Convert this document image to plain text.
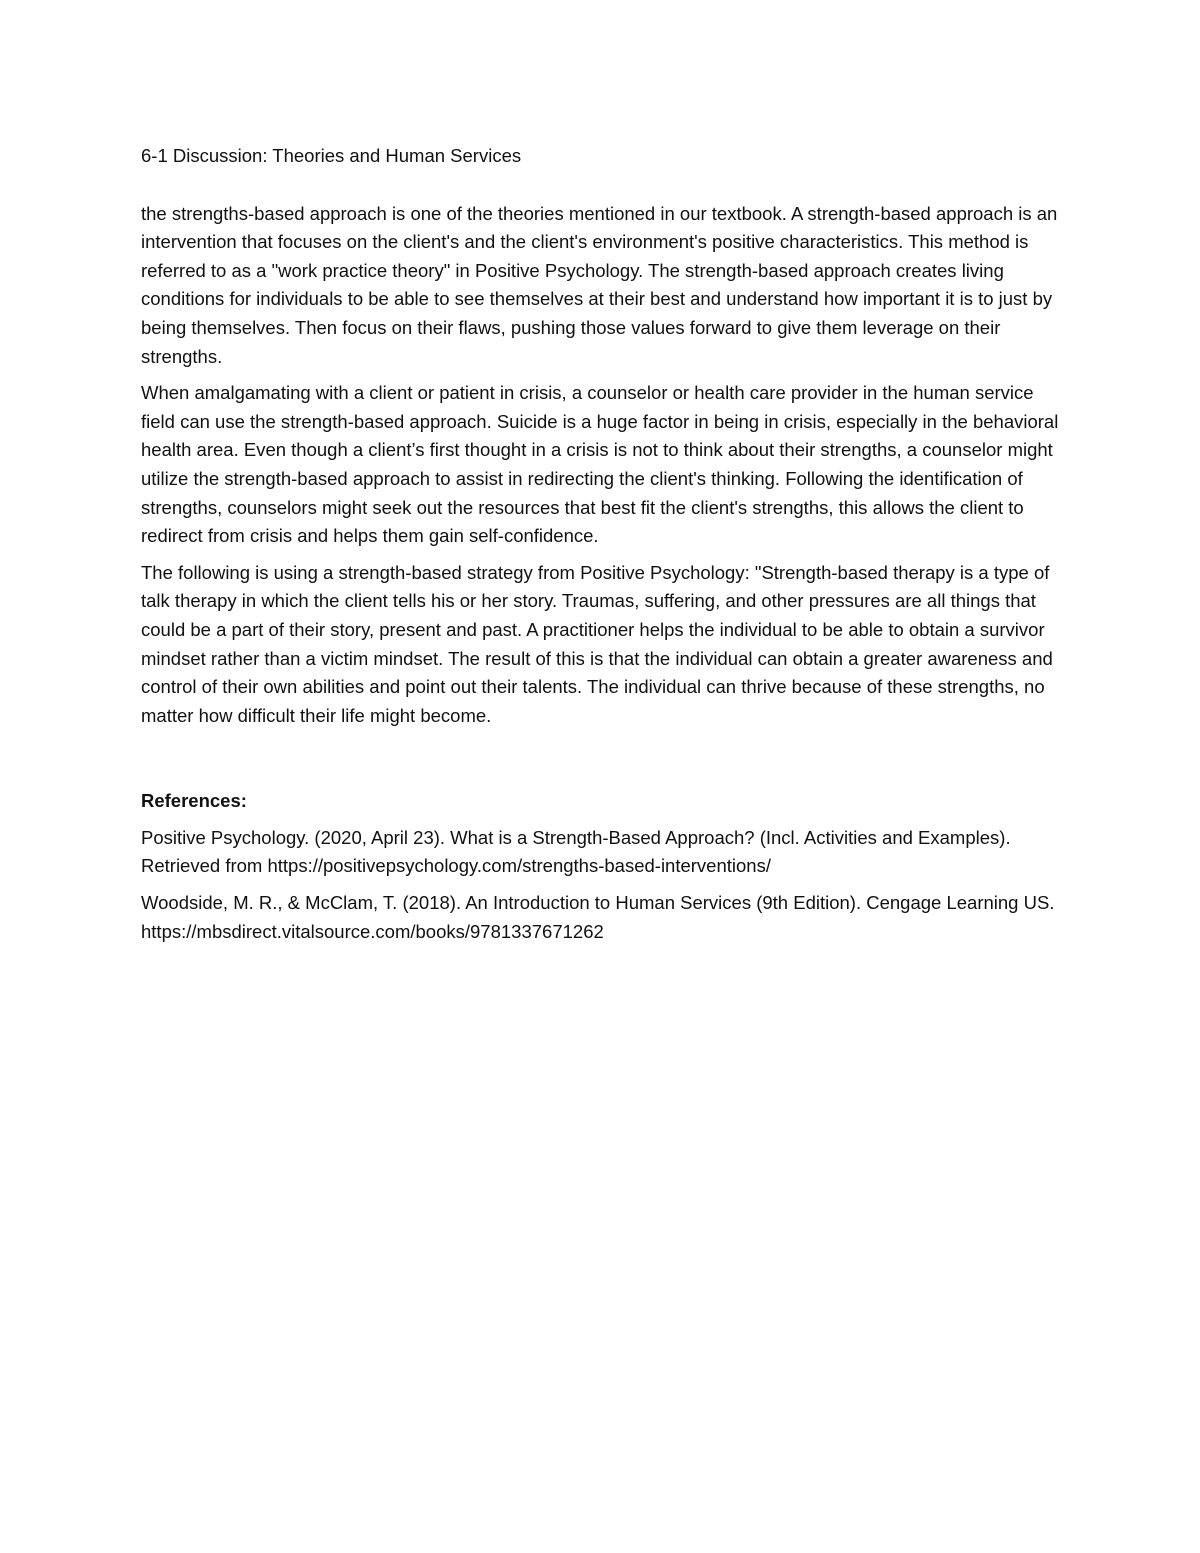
6-1 Discussion: Theories and Human Services

the strengths-based approach is one of the theories mentioned in our textbook. A strength-based approach is an intervention that focuses on the client's and the client's environment's positive characteristics. This method is referred to as a "work practice theory" in Positive Psychology. The strength-based approach creates living conditions for individuals to be able to see themselves at their best and understand how important it is to just by being themselves. Then focus on their flaws, pushing those values forward to give them leverage on their strengths.

When amalgamating with a client or patient in crisis, a counselor or health care provider in the human service field can use the strength-based approach. Suicide is a huge factor in being in crisis, especially in the behavioral health area. Even though a client’s first thought in a crisis is not to think about their strengths, a counselor might utilize the strength-based approach to assist in redirecting the client's thinking. Following the identification of strengths, counselors might seek out the resources that best fit the client's strengths, this allows the client to redirect from crisis and helps them gain self-confidence.

The following is using a strength-based strategy from Positive Psychology: "Strength-based therapy is a type of talk therapy in which the client tells his or her story. Traumas, suffering, and other pressures are all things that could be a part of their story, present and past. A practitioner helps the individual to be able to obtain a survivor mindset rather than a victim mindset. The result of this is that the individual can obtain a greater awareness and control of their own abilities and point out their talents. The individual can thrive because of these strengths, no matter how difficult their life might become.

References:

Positive Psychology. (2020, April 23). What is a Strength-Based Approach? (Incl. Activities and Examples). Retrieved from https://positivepsychology.com/strengths-based-interventions/

Woodside, M. R., & McClam, T. (2018). An Introduction to Human Services (9th Edition). Cengage Learning US. https://mbsdirect.vitalsource.com/books/9781337671262
